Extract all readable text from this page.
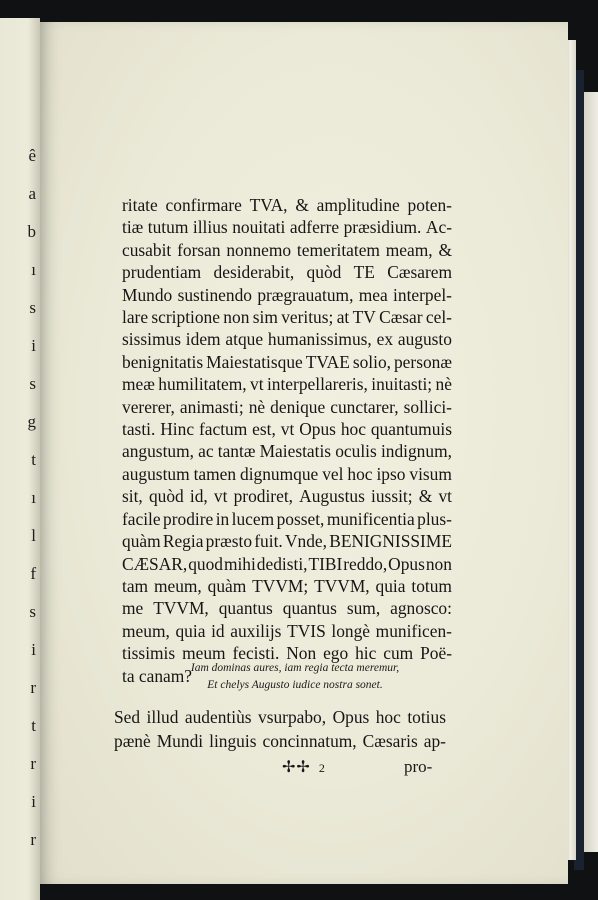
ê
a
b
ı
s
i
s
g
t
ı
l
f
s
i
r
t
r
i
r
ritate confirmare TVA, & amplitudine poten-
tiæ tutum illius nouitati adferre præsidium. Ac-
cusabit forsan nonnemo temeritatem meam, &
prudentiam desiderabit, quòd TE Cæsarem
Mundo sustinendo prægrauatum, mea interpel-
lare scriptione non sim veritus; at TV Cæsar cel-
sissimus idem atque humanissimus, ex augusto
benignitatis Maiestatisque TVAE solio, personæ
meæ humilitatem, vt interpellareris, inuitasti; nè
vererer, animasti; nè denique cunctarer, sollici-
tasti. Hinc factum est, vt Opus hoc quantumuis
angustum, ac tantæ Maiestatis oculis indignum,
augustum tamen dignumque vel hoc ipso visum
sit, quòd id, vt prodiret, Augustus iussit; & vt
facile prodire in lucem posset, munificentia plus-
quàm Regia præsto fuit. Vnde, BENIGNISSIME
CÆSAR, quod mihi dedisti, TIBI reddo, Opus non
tam meum, quàm TVVM; TVVM, quia totum
me TVVM, quantus quantus sum, agnosco:
meum, quia id auxilijs TVIS longè munificen-
tissimis meum fecisti. Non ego hic cum Poë-
ta canam?
Iam dominas aures, iam regia tecta meremur,
Et chelys Augusto iudice nostra sonet.
Sed illud audentiùs vsurpabo, Opus hoc totius
pænè Mundi linguis concinnatum, Cæsaris ap-
✢✢ 2	pro-
